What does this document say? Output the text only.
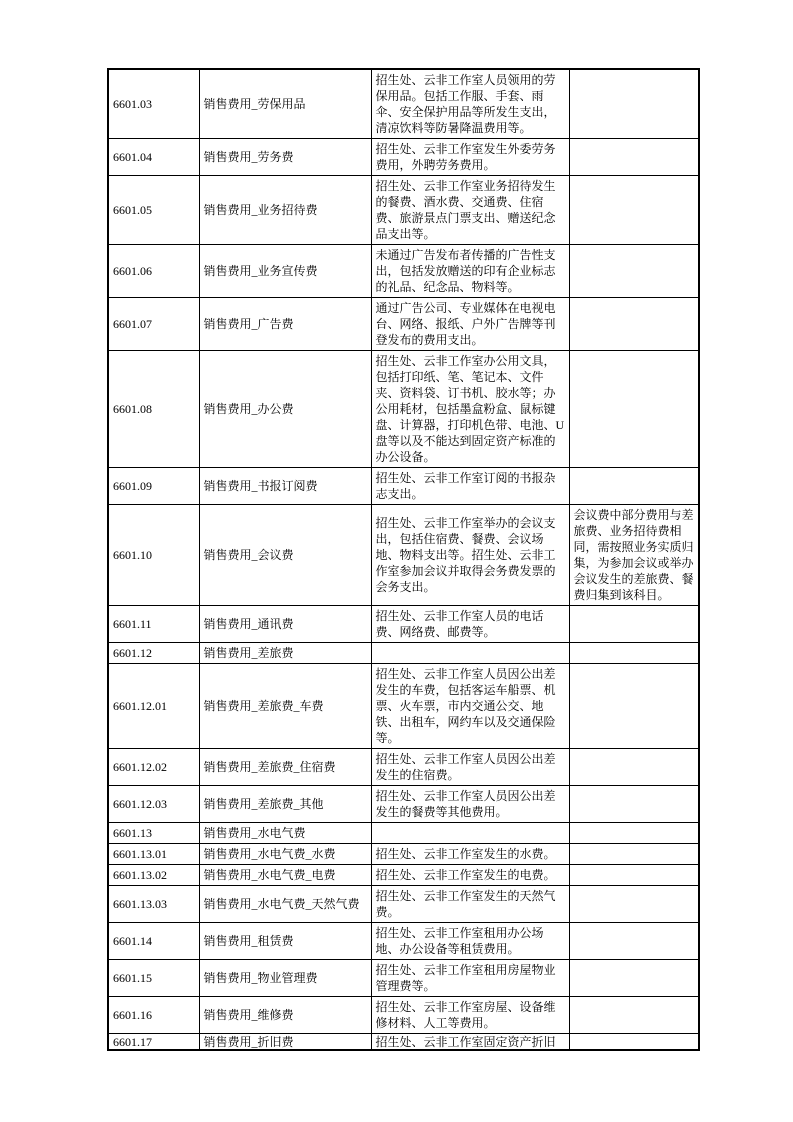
6601.03	销售费用_劳保用品	招生处、云非工作室人员领用的劳保用品。包括工作服、手套、雨伞、安全保护用品等所发生支出，清凉饮料等防暑降温费用等。	
6601.04	销售费用_劳务费	招生处、云非工作室发生外委劳务费用，外聘劳务费用。	
6601.05	销售费用_业务招待费	招生处、云非工作室业务招待发生的餐费、酒水费、交通费、住宿费、旅游景点门票支出、赠送纪念品支出等。	
6601.06	销售费用_业务宣传费	未通过广告发布者传播的广告性支出，包括发放赠送的印有企业标志的礼品、纪念品、物料等。	
6601.07	销售费用_广告费	通过广告公司、专业媒体在电视电台、网络、报纸、户外广告牌等刊登发布的费用支出。	
6601.08	销售费用_办公费	招生处、云非工作室办公用文具，包括打印纸、笔、笔记本、文件夹、资料袋、订书机、胶水等；办公用耗材，包括墨盒粉盒、鼠标键盘、计算器，打印机色带、电池、U盘等以及不能达到固定资产标准的办公设备。	
6601.09	销售费用_书报订阅费	招生处、云非工作室订阅的书报杂志支出。	
6601.10	销售费用_会议费	招生处、云非工作室举办的会议支出，包括住宿费、餐费、会议场地、物料支出等。招生处、云非工作室参加会议并取得会务费发票的会务支出。	会议费中部分费用与差旅费、业务招待费相同，需按照业务实质归集，为参加会议或举办会议发生的差旅费、餐费归集到该科目。
6601.11	销售费用_通讯费	招生处、云非工作室人员的电话费、网络费、邮费等。	
6601.12	销售费用_差旅费		
6601.12.01	销售费用_差旅费_车费	招生处、云非工作室人员因公出差发生的车费，包括客运车船票、机票、火车票，市内交通公交、地铁、出租车，网约车以及交通保险等。	
6601.12.02	销售费用_差旅费_住宿费	招生处、云非工作室人员因公出差发生的住宿费。	
6601.12.03	销售费用_差旅费_其他	招生处、云非工作室人员因公出差发生的餐费等其他费用。	
6601.13	销售费用_水电气费		
6601.13.01	销售费用_水电气费_水费	招生处、云非工作室发生的水费。	
6601.13.02	销售费用_水电气费_电费	招生处、云非工作室发生的电费。	
6601.13.03	销售费用_水电气费_天然气费	招生处、云非工作室发生的天然气费。	
6601.14	销售费用_租赁费	招生处、云非工作室租用办公场地、办公设备等租赁费用。	
6601.15	销售费用_物业管理费	招生处、云非工作室租用房屋物业管理费等。	
6601.16	销售费用_维修费	招生处、云非工作室房屋、设备维修材料、人工等费用。	
6601.17	销售费用_折旧费	招生处、云非工作室固定资产折旧	
